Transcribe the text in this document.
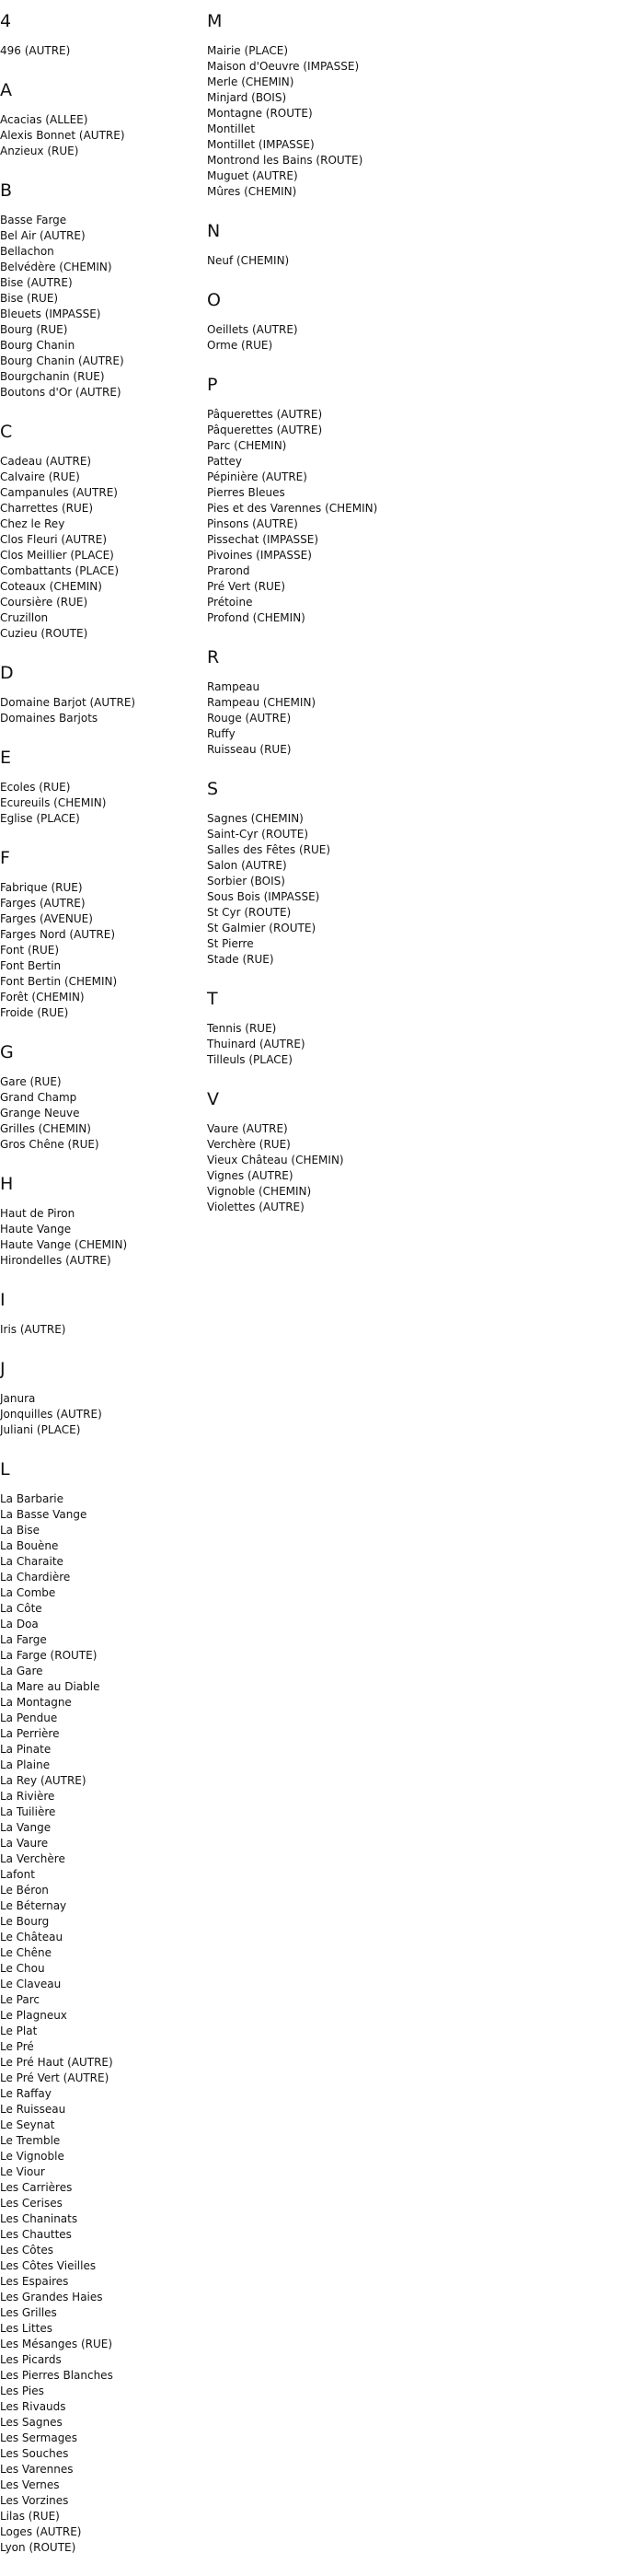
4
496 (AUTRE)
A
Acacias (ALLEE)
Alexis Bonnet (AUTRE)
Anzieux (RUE)
B
Basse Farge
Bel Air (AUTRE)
Bellachon
Belvédère (CHEMIN)
Bise (AUTRE)
Bise (RUE)
Bleuets (IMPASSE)
Bourg (RUE)
Bourg Chanin
Bourg Chanin (AUTRE)
Bourgchanin (RUE)
Boutons d'Or (AUTRE)
C
Cadeau (AUTRE)
Calvaire (RUE)
Campanules (AUTRE)
Charrettes (RUE)
Chez le Rey
Clos Fleuri (AUTRE)
Clos Meillier (PLACE)
Combattants (PLACE)
Coteaux (CHEMIN)
Coursière (RUE)
Cruzillon
Cuzieu (ROUTE)
D
Domaine Barjot (AUTRE)
Domaines Barjots
E
Ecoles (RUE)
Ecureuils (CHEMIN)
Eglise (PLACE)
F
Fabrique (RUE)
Farges (AUTRE)
Farges (AVENUE)
Farges Nord (AUTRE)
Font (RUE)
Font Bertin
Font Bertin (CHEMIN)
Forêt (CHEMIN)
Froide (RUE)
G
Gare (RUE)
Grand Champ
Grange Neuve
Grilles (CHEMIN)
Gros Chêne (RUE)
H
Haut de Piron
Haute Vange
Haute Vange (CHEMIN)
Hirondelles (AUTRE)
I
Iris (AUTRE)
J
Janura
Jonquilles (AUTRE)
Juliani (PLACE)
L
La Barbarie
La Basse Vange
La Bise
La Bouène
La Charaite
La Chardière
La Combe
La Côte
La Doa
La Farge
La Farge (ROUTE)
La Gare
La Mare au Diable
La Montagne
La Pendue
La Perrière
La Pinate
La Plaine
La Rey (AUTRE)
La Rivière
La Tuilière
La Vange
La Vaure
La Verchère
Lafont
Le Béron
Le Béternay
Le Bourg
Le Château
Le Chêne
Le Chou
Le Claveau
Le Parc
Le Plagneux
Le Plat
Le Pré
Le Pré Haut (AUTRE)
Le Pré Vert (AUTRE)
Le Raffay
Le Ruisseau
Le Seynat
Le Tremble
Le Vignoble
Le Viour
Les Carrières
Les Cerises
Les Chaninats
Les Chauttes
Les Côtes
Les Côtes Vieilles
Les Espaires
Les Grandes Haies
Les Grilles
Les Littes
Les Mésanges (RUE)
Les Picards
Les Pierres Blanches
Les Pies
Les Rivauds
Les Sagnes
Les Sermages
Les Souches
Les Varennes
Les Vernes
Les Vorzines
Lilas (RUE)
Loges (AUTRE)
Lyon (ROUTE)
M
Mairie (PLACE)
Maison d'Oeuvre (IMPASSE)
Merle (CHEMIN)
Minjard (BOIS)
Montagne (ROUTE)
Montillet
Montillet (IMPASSE)
Montrond les Bains (ROUTE)
Muguet (AUTRE)
Mûres (CHEMIN)
N
Neuf (CHEMIN)
O
Oeillets (AUTRE)
Orme (RUE)
P
Pâquerettes (AUTRE)
Pâquerettes (AUTRE)
Parc (CHEMIN)
Pattey
Pépinière (AUTRE)
Pierres Bleues
Pies et des Varennes (CHEMIN)
Pinsons (AUTRE)
Pissechat (IMPASSE)
Pivoines (IMPASSE)
Prarond
Pré Vert (RUE)
Prétoine
Profond (CHEMIN)
R
Rampeau
Rampeau (CHEMIN)
Rouge (AUTRE)
Ruffy
Ruisseau (RUE)
S
Sagnes (CHEMIN)
Saint-Cyr (ROUTE)
Salles des Fêtes (RUE)
Salon (AUTRE)
Sorbier (BOIS)
Sous Bois (IMPASSE)
St Cyr (ROUTE)
St Galmier (ROUTE)
St Pierre
Stade (RUE)
T
Tennis (RUE)
Thuinard (AUTRE)
Tilleuls (PLACE)
V
Vaure (AUTRE)
Verchère (RUE)
Vieux Château (CHEMIN)
Vignes (AUTRE)
Vignoble (CHEMIN)
Violettes (AUTRE)
